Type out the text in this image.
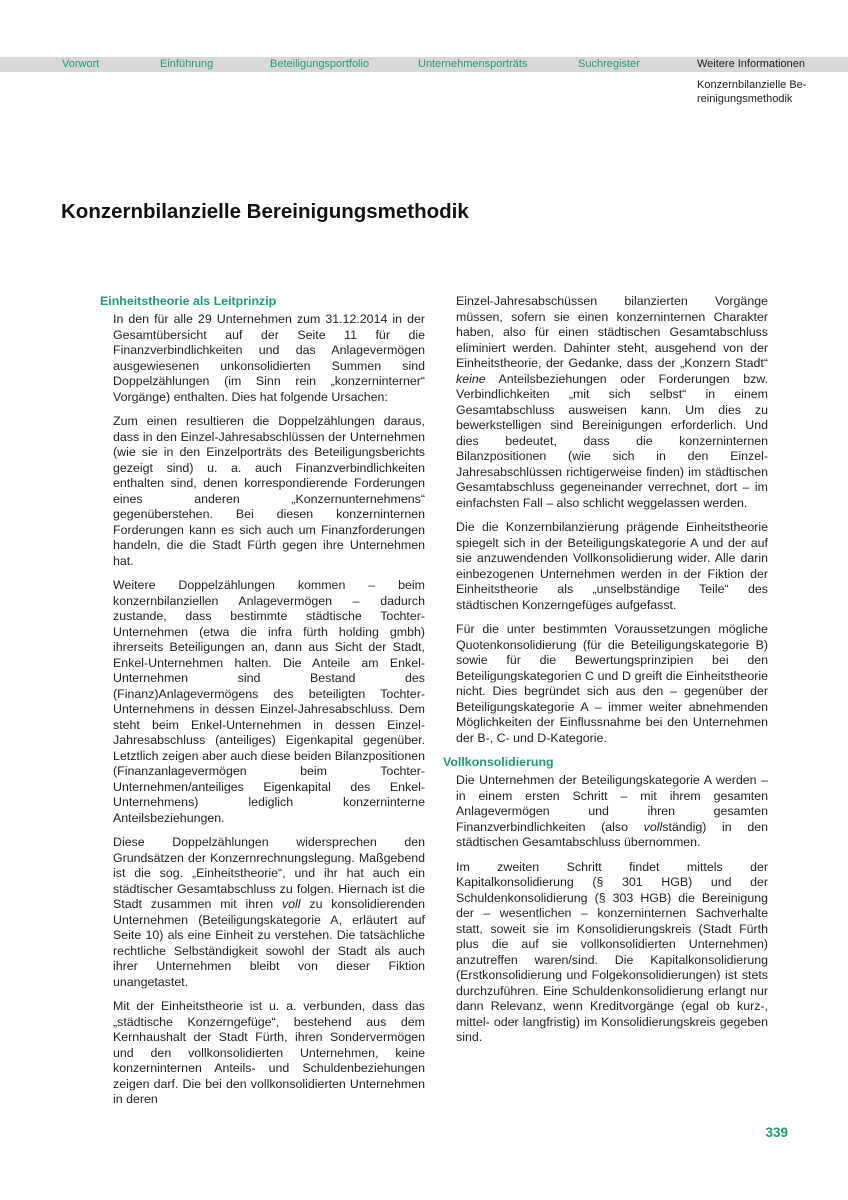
Vorwort	Einführung	Beteiligungsportfolio	Unternehmensporträts	Suchregister	Weitere Informationen
Konzernbilanzielle Be-
reinigungsmethodik
Konzernbilanzielle Bereinigungsmethodik
Einheitstheorie als Leitprinzip

In den für alle 29 Unternehmen zum 31.12.2014 in der Gesamtübersicht auf der Seite 11 für die Finanzverbindlichkeiten und das Anlagevermögen ausgewiesenen unkonsolidierten Summen sind Doppelzählungen (im Sinn rein „konzerninterner“ Vorgänge) enthalten. Dies hat folgende Ursachen:

Zum einen resultieren die Doppelzählungen daraus, dass in den Einzel-Jahresabschlüssen der Unternehmen (wie sie in den Einzelporträts des Beteiligungsberichts gezeigt sind) u. a. auch Finanzverbindlichkeiten enthalten sind, denen korrespondierende Forderungen eines anderen „Konzernunternehmens“ gegenüberstehen. Bei diesen konzerninternen Forderungen kann es sich auch um Finanzforderungen handeln, die die Stadt Fürth gegen ihre Unternehmen hat.

Weitere Doppelzählungen kommen – beim konzernbilanziellen Anlagevermögen – dadurch zustande, dass bestimmte städtische Tochter-Unternehmen (etwa die infra fürth holding gmbh) ihrerseits Beteiligungen an, dann aus Sicht der Stadt, Enkel-Unternehmen halten. Die Anteile am Enkel-Unternehmen sind Bestand des (Finanz)Anlagevermögens des beteiligten Tochter-Unternehmens in dessen Einzel-Jahresabschluss. Dem steht beim Enkel-Unternehmen in dessen Einzel-Jahresabschluss (anteiliges) Eigenkapital gegenüber. Letztlich zeigen aber auch diese beiden Bilanzpositionen (Finanzanlagevermögen beim Tochter-Unternehmen/anteiliges Eigenkapital des Enkel-Unternehmens) lediglich konzerninterne Anteilsbeziehungen.

Diese Doppelzählungen widersprechen den Grundsätzen der Konzernrechnungslegung. Maßgebend ist die sog. „Einheitstheorie“, und ihr hat auch ein städtischer Gesamtabschluss zu folgen. Hiernach ist die Stadt zusammen mit ihren voll zu konsolidierenden Unternehmen (Beteiligungskategorie A, erläutert auf Seite 10) als eine Einheit zu verstehen. Die tatsächliche rechtliche Selbständigkeit sowohl der Stadt als auch ihrer Unternehmen bleibt von dieser Fiktion unangetastet.

Mit der Einheitstheorie ist u. a. verbunden, dass das „städtische Konzerngefüge“, bestehend aus dem Kernhaushalt der Stadt Fürth, ihren Sondervermögen und den vollkonsolidierten Unternehmen, keine konzerninternen Anteils- und Schuldenbeziehungen zeigen darf. Die bei den vollkonsolidierten Unternehmen in deren

Einzel-Jahresabschüssen bilanzierten Vorgänge müssen, sofern sie einen konzerninternen Charakter haben, also für einen städtischen Gesamtabschluss eliminiert werden. Dahinter steht, ausgehend von der Einheitstheorie, der Gedanke, dass der „Konzern Stadt“ keine Anteilsbeziehungen oder Forderungen bzw. Verbindlichkeiten „mit sich selbst“ in einem Gesamtabschluss ausweisen kann. Um dies zu bewerkstelligen sind Bereinigungen erforderlich. Und dies bedeutet, dass die konzerninternen Bilanzpositionen (wie sich in den Einzel-Jahresabschlüssen richtigerweise finden) im städtischen Gesamtabschluss gegeneinander verrechnet, dort – im einfachsten Fall – also schlicht weggelassen werden.

Die die Konzernbilanzierung prägende Einheitstheorie spiegelt sich in der Beteiligungskategorie A und der auf sie anzuwendenden Vollkonsolidierung wider. Alle darin einbezogenen Unternehmen werden in der Fiktion der Einheitstheorie als „unselbständige Teile“ des städtischen Konzerngefüges aufgefasst.

Für die unter bestimmten Voraussetzungen mögliche Quotenkonsolidierung (für die Beteiligungskategorie B) sowie für die Bewertungsprinzipien bei den Beteiligungskategorien C und D greift die Einheitstheorie nicht. Dies begründet sich aus den – gegenüber der Beteiligungskategorie A – immer weiter abnehmenden Möglichkeiten der Einflussnahme bei den Unternehmen der B-, C- und D-Kategorie.

Vollkonsolidierung

Die Unternehmen der Beteiligungskategorie A werden – in einem ersten Schritt – mit ihrem gesamten Anlagevermögen und ihren gesamten Finanzverbindlichkeiten (also vollständig) in den städtischen Gesamtabschluss übernommen.

Im zweiten Schritt findet mittels der Kapitalkonsolidierung (§ 301 HGB) und der Schuldenkonsolidierung (§ 303 HGB) die Bereinigung der – wesentlichen – konzerninternen Sachverhalte statt, soweit sie im Konsolidierungskreis (Stadt Fürth plus die auf sie vollkonsolidierten Unternehmen) anzutreffen waren/sind. Die Kapitalkonsolidierung (Erstkonsolidierung und Folgekonsolidierungen) ist stets durchzuführen. Eine Schuldenkonsolidierung erlangt nur dann Relevanz, wenn Kreditvorgänge (egal ob kurz-, mittel- oder langfristig) im Konsolidierungskreis gegeben sind.

339
